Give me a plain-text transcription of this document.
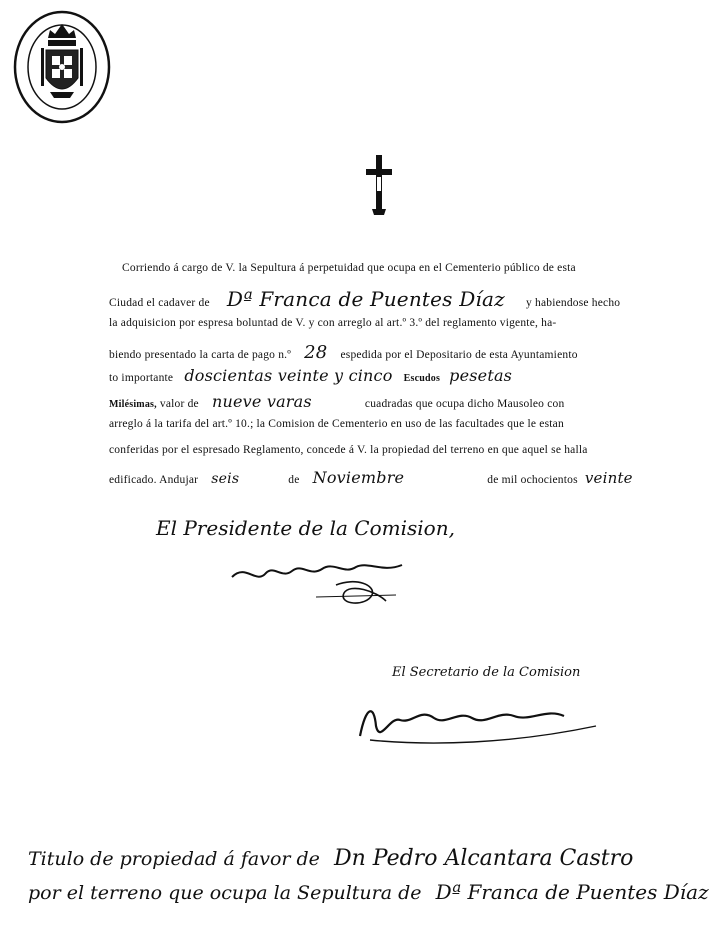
Corriendo á cargo de V. la Sepultura á perpetuidad que ocupa en el Cementerio público de esta
Ciudad el cadaver de Dª Franca de Puentes Díaz y habiendose hecho
la adquisicion por espresa boluntad de V. y con arreglo al art.º 3.º del reglamento vigente, ha-
biendo presentado la carta de pago n.º 28 espedida por el Depositario de esta Ayuntamiento
to importante doscientas veinte y cinco Escudos pesetas
Milésimas, valor de nueve varas	cuadradas que ocupa dicho Mausoleo con
arreglo á la tarifa del art.º 10.; la Comision de Cementerio en uso de las facultades que le estan
conferidas por el espresado Reglamento, concede á V. la propiedad del terreno en que aquel se halla
edificado. Andujar seis	de Noviembre	de mil ochocientos veinte
El Presidente de la Comision,
El Secretario de la Comision
Titulo de propiedad á favor de Dn Pedro Alcantara Castro
por el terreno que ocupa la Sepultura de Dª Franca de Puentes Díaz
